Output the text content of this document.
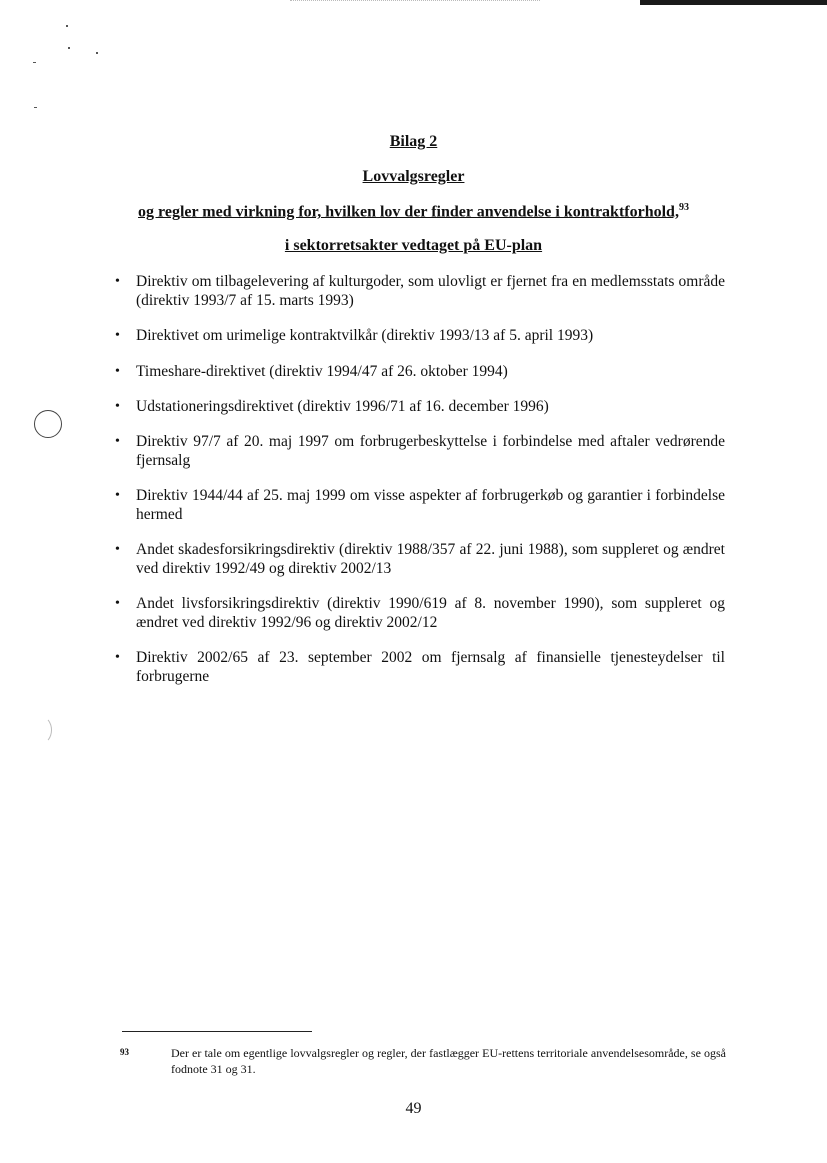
Bilag 2
Lovvalgsregler
og regler med virkning for, hvilken lov der finder anvendelse i kontraktforhold,$^{93}$
i sektorretsakter vedtaget på EU-plan
• Direktiv om tilbagelevering af kulturgoder, som ulovligt er fjernet fra en medlemsstats område (direktiv 1993/7 af 15. marts 1993)
• Direktivet om urimelige kontraktvilkår (direktiv 1993/13 af 5. april 1993)
• Timeshare-direktivet (direktiv 1994/47 af 26. oktober 1994)
• Udstationeringsdirektivet (direktiv 1996/71 af 16. december 1996)
• Direktiv 97/7 af 20. maj 1997 om forbrugerbeskyttelse i forbindelse med aftaler vedrørende fjernsalg
• Direktiv 1944/44 af 25. maj 1999 om visse aspekter af forbrugerkøb og garantier i forbindelse hermed
• Andet skadesforsikringsdirektiv (direktiv 1988/357 af 22. juni 1988), som suppleret og ændret ved direktiv 1992/49 og direktiv 2002/13
• Andet livsforsikringsdirektiv (direktiv 1990/619 af 8. november 1990), som suppleret og ændret ved direktiv 1992/96 og direktiv 2002/12
• Direktiv 2002/65 af 23. september 2002 om fjernsalg af finansielle tjenesteydelser til forbrugerne
93	Der er tale om egentlige lovvalgsregler og regler, der fastlægger EU-rettens territoriale anvendelsesområde, se også fodnote 31 og 31.
49
